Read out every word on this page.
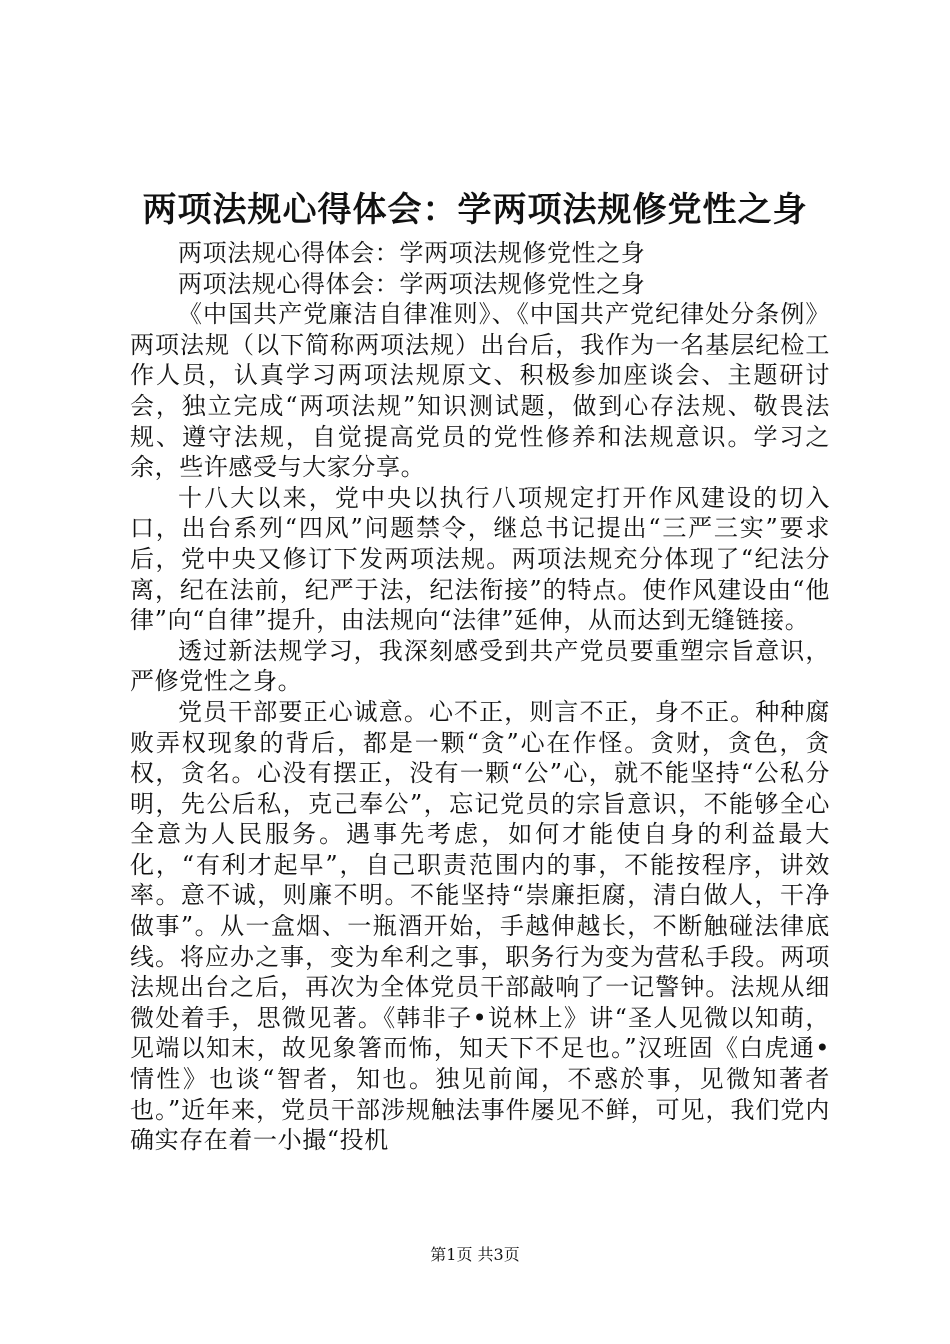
两项法规心得体会：学两项法规修党性之身

两项法规心得体会：学两项法规修党性之身

两项法规心得体会：学两项法规修党性之身

《中国共产党廉洁自律准则》、《中国共产党纪律处分条例》两项法规（以下简称两项法规）出台后，我作为一名基层纪检工作人员，认真学习两项法规原文、积极参加座谈会、主题研讨会，独立完成“两项法规”知识测试题，做到心存法规、敬畏法规、遵守法规，自觉提高党员的党性修养和法规意识。学习之余，些许感受与大家分享。

十八大以来，党中央以执行八项规定打开作风建设的切入口，出台系列“四风”问题禁令，继总书记提出“三严三实”要求后，党中央又修订下发两项法规。两项法规充分体现了“纪法分离，纪在法前，纪严于法，纪法衔接”的特点。使作风建设由“他律”向“自律”提升，由法规向“法律”延伸，从而达到无缝链接。

透过新法规学习，我深刻感受到共产党员要重塑宗旨意识，严修党性之身。

党员干部要正心诚意。心不正，则言不正，身不正。种种腐败弄权现象的背后，都是一颗“贪”心在作怪。贪财，贪色，贪权，贪名。心没有摆正，没有一颗“公”心，就不能坚持“公私分明，先公后私，克己奉公”，忘记党员的宗旨意识，不能够全心全意为人民服务。遇事先考虑，如何才能使自身的利益最大化，“有利才起早”，自己职责范围内的事，不能按程序，讲效率。意不诚，则廉不明。不能坚持“崇廉拒腐，清白做人，干净做事”。从一盒烟、一瓶酒开始，手越伸越长，不断触碰法律底线。将应办之事，变为牟利之事，职务行为变为营私手段。两项法规出台之后，再次为全体党员干部敲响了一记警钟。法规从细微处着手，思微见著。《韩非子•说林上》讲“圣人见微以知萌，见端以知末，故见象箸而怖，知天下不足也。”汉班固《白虎通•情性》也谈“智者，知也。独见前闻，不惑於事，见微知著者也。”近年来，党员干部涉规触法事件屡见不鲜，可见，我们党内确实存在着一小撮“投机

第1页 共3页
